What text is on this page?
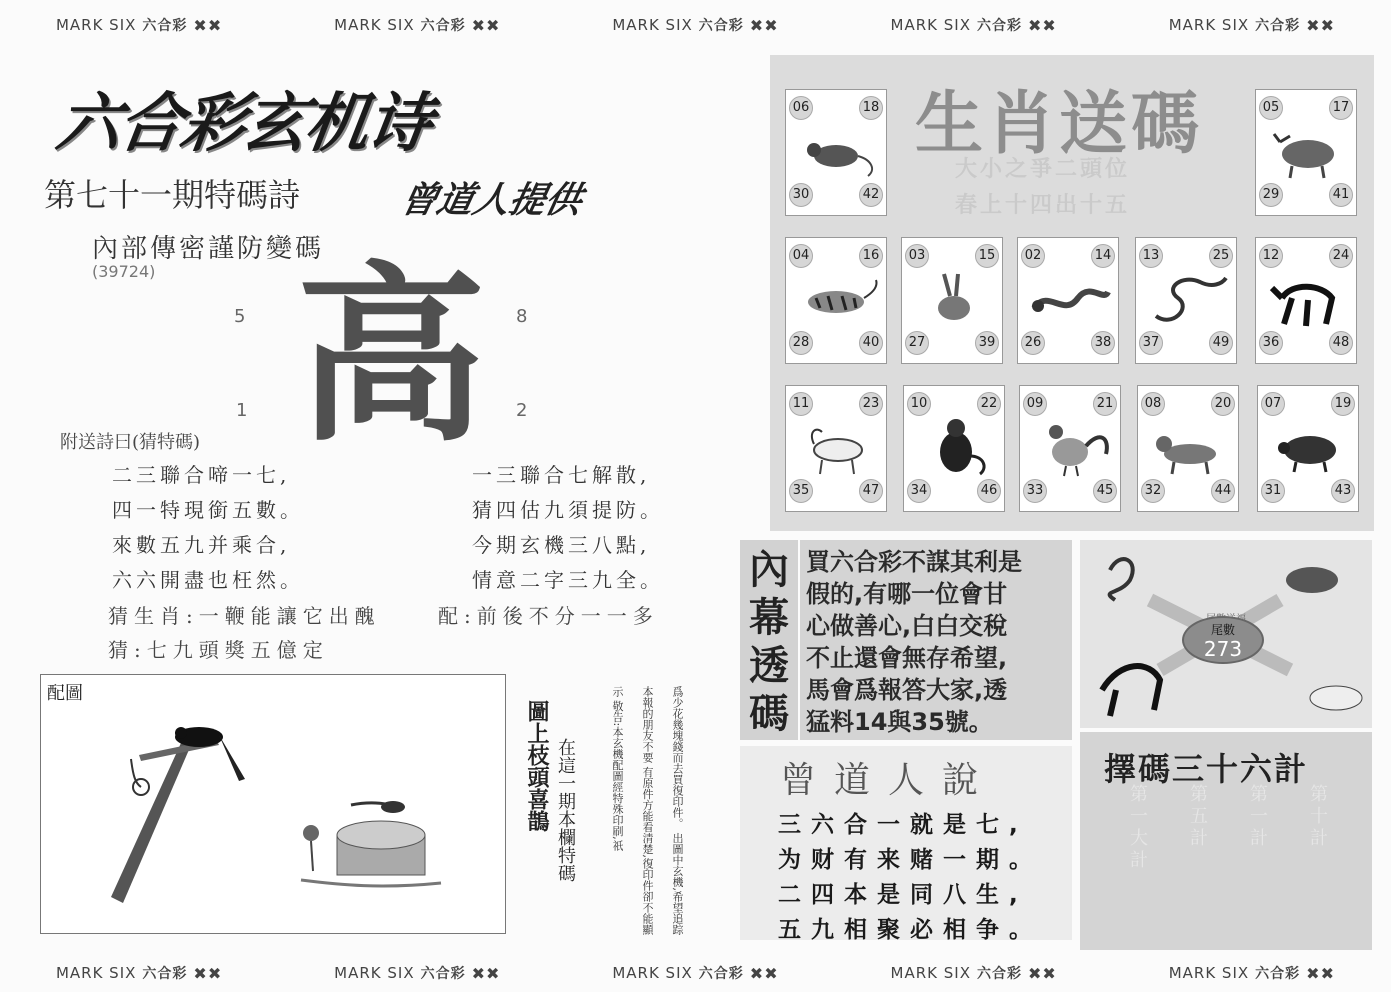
MARK SIX 六合彩 ✖✖	MARK SIX 六合彩 ✖✖	MARK SIX 六合彩 ✖✖	MARK SIX 六合彩 ✖✖	MARK SIX 六合彩 ✖✖
MARK SIX 六合彩 ✖✖	MARK SIX 六合彩 ✖✖	MARK SIX 六合彩 ✖✖	MARK SIX 六合彩 ✖✖	MARK SIX 六合彩 ✖✖
六合彩玄机诗
第七十一期特碼詩	曾道人提供
內部傳密謹防變碼
(39724)
5	8
1	2
高
附送詩曰(猜特碼)
二三聯合啼一七,
四一特現銜五數。
來數五九并乘合,
六六開盡也枉然。
一三聯合七解散,
猜四估九須提防。
今期玄機三八點,
情意二字三九全。
猜生肖:一鞭能讓它出醜	配:前後不分一一多
猜:七九頭獎五億定
配圖
圖上枝頭喜鵲 在這一期本欄特碼	爲少花幾塊錢而去買復印件。 出圖中玄機,希望追踪本報的朋友不要 有原件方能看清楚,復印件卻不能顯示 敬告:本玄機配圖經特殊印刷,祇
生肖送碼
大小之爭二頭位
春上十四出十五
06	18
30	42
05	17
29	41
04	16
28	40
03	15
27	39
02	14
26	38
13	25
37	49
12	24
36	48
11	23
35	47
10	22
34	46
09	21
33	45
08	20
32	44
07	19
31	43
內
幕
透
碼
買六合彩不謀其利是
假的,有哪一位會甘
心做善心,白白交稅
不止還會無存希望,
馬會爲報答大家,透
猛料14與35號。
曾道人說
三六合一就是七,
为财有来赌一期。
二四本是同八生,
五九相聚必相争。
尾數
273
擇碼三十六計
第一大計 第五計 第一計 第十計
